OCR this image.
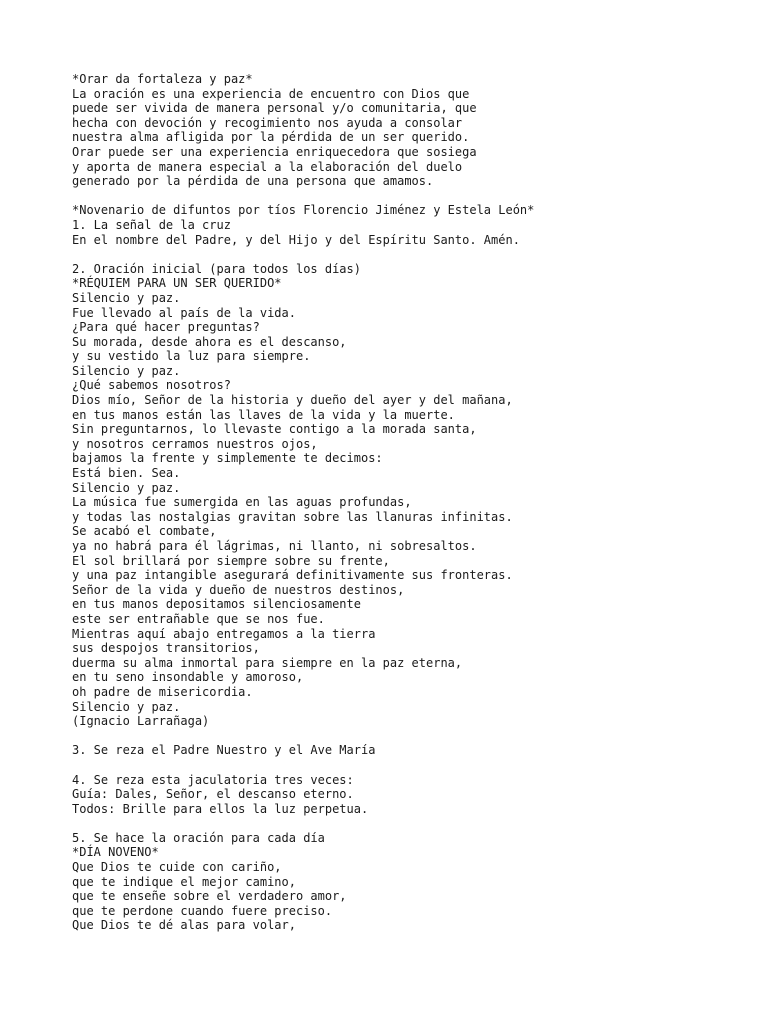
*Orar da fortaleza y paz*
La oración es una experiencia de encuentro con Dios que
puede ser vivida de manera personal y/o comunitaria, que
hecha con devoción y recogimiento nos ayuda a consolar
nuestra alma afligida por la pérdida de un ser querido.
Orar puede ser una experiencia enriquecedora que sosiega
y aporta de manera especial a la elaboración del duelo
generado por la pérdida de una persona que amamos.
*Novenario de difuntos por tíos Florencio Jiménez y Estela León*
1. La señal de la cruz
En el nombre del Padre, y del Hijo y del Espíritu Santo. Amén.
2. Oración inicial (para todos los días)
*RÉQUIEM PARA UN SER QUERIDO*
Silencio y paz.
Fue llevado al país de la vida.
¿Para qué hacer preguntas?
Su morada, desde ahora es el descanso,
y su vestido la luz para siempre.
Silencio y paz.
¿Qué sabemos nosotros?
Dios mío, Señor de la historia y dueño del ayer y del mañana,
en tus manos están las llaves de la vida y la muerte.
Sin preguntarnos, lo llevaste contigo a la morada santa,
y nosotros cerramos nuestros ojos,
bajamos la frente y simplemente te decimos:
Está bien. Sea.
Silencio y paz.
La música fue sumergida en las aguas profundas,
y todas las nostalgias gravitan sobre las llanuras infinitas.
Se acabó el combate,
ya no habrá para él lágrimas, ni llanto, ni sobresaltos.
El sol brillará por siempre sobre su frente,
y una paz intangible asegurará definitivamente sus fronteras.
Señor de la vida y dueño de nuestros destinos,
en tus manos depositamos silenciosamente
este ser entrañable que se nos fue.
Mientras aquí abajo entregamos a la tierra
sus despojos transitorios,
duerma su alma inmortal para siempre en la paz eterna,
en tu seno insondable y amoroso,
oh padre de misericordia.
Silencio y paz.
(Ignacio Larrañaga)
3. Se reza el Padre Nuestro y el Ave María
4. Se reza esta jaculatoria tres veces:
Guía: Dales, Señor, el descanso eterno.
Todos: Brille para ellos la luz perpetua.
5. Se hace la oración para cada día
*DÍA NOVENO*
Que Dios te cuide con cariño,
que te indique el mejor camino,
que te enseñe sobre el verdadero amor,
que te perdone cuando fuere preciso.
Que Dios te dé alas para volar,
